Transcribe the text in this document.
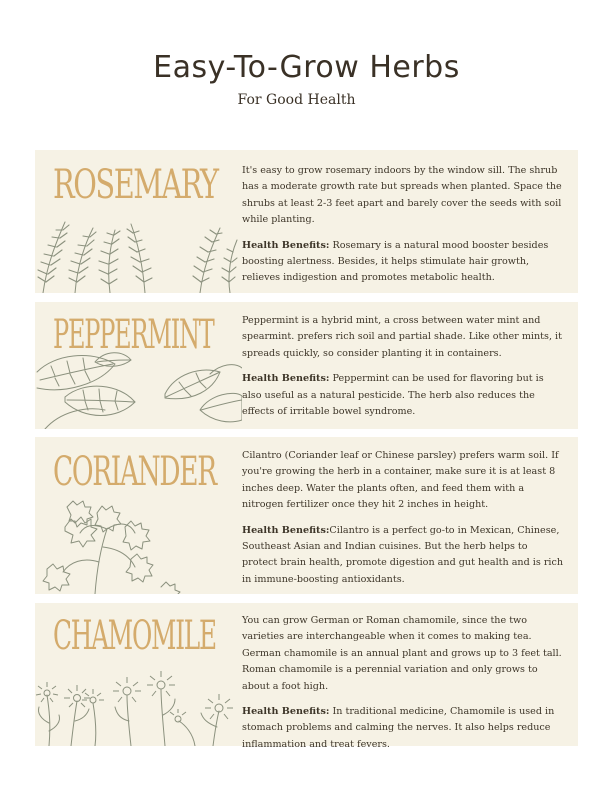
Easy-To-Grow Herbs
For Good Health
ROSEMARY	It's easy to grow rosemary indoors by the window sill. The shrub has a moderate growth rate but spreads when planted. Space the shrubs at least 2-3 feet apart and barely cover the seeds with soil while planting.

Health Benefits: Rosemary is a natural mood booster besides boosting alertness. Besides, it helps stimulate hair growth, relieves indigestion and promotes metabolic health.

PEPPERMINT	Peppermint is a hybrid mint, a cross between water mint and spearmint. prefers rich soil and partial shade. Like other mints, it spreads quickly, so consider planting it in containers.

Health Benefits: Peppermint can be used for flavoring but is also useful as a natural pesticide. The herb also reduces the effects of irritable bowel syndrome.

CORIANDER	Cilantro (Coriander leaf or Chinese parsley) prefers warm soil. If you're growing the herb in a container, make sure it is at least 8 inches deep. Water the plants often, and feed them with a nitrogen fertilizer once they hit 2 inches in height.

Health Benefits:Cilantro is a perfect go-to in Mexican, Chinese, Southeast Asian and Indian cuisines. But the herb helps to protect brain health, promote digestion and gut health and is rich in immune-boosting antioxidants.

CHAMOMILE	You can grow German or Roman chamomile, since the two varieties are interchangeable when it comes to making tea. German chamomile is an annual plant and grows up to 3 feet tall. Roman chamomile is a perennial variation and only grows to about a foot high.

Health Benefits: In traditional medicine, Chamomile is used in stomach problems and calming the nerves. It also helps reduce inflammation and treat fevers.
